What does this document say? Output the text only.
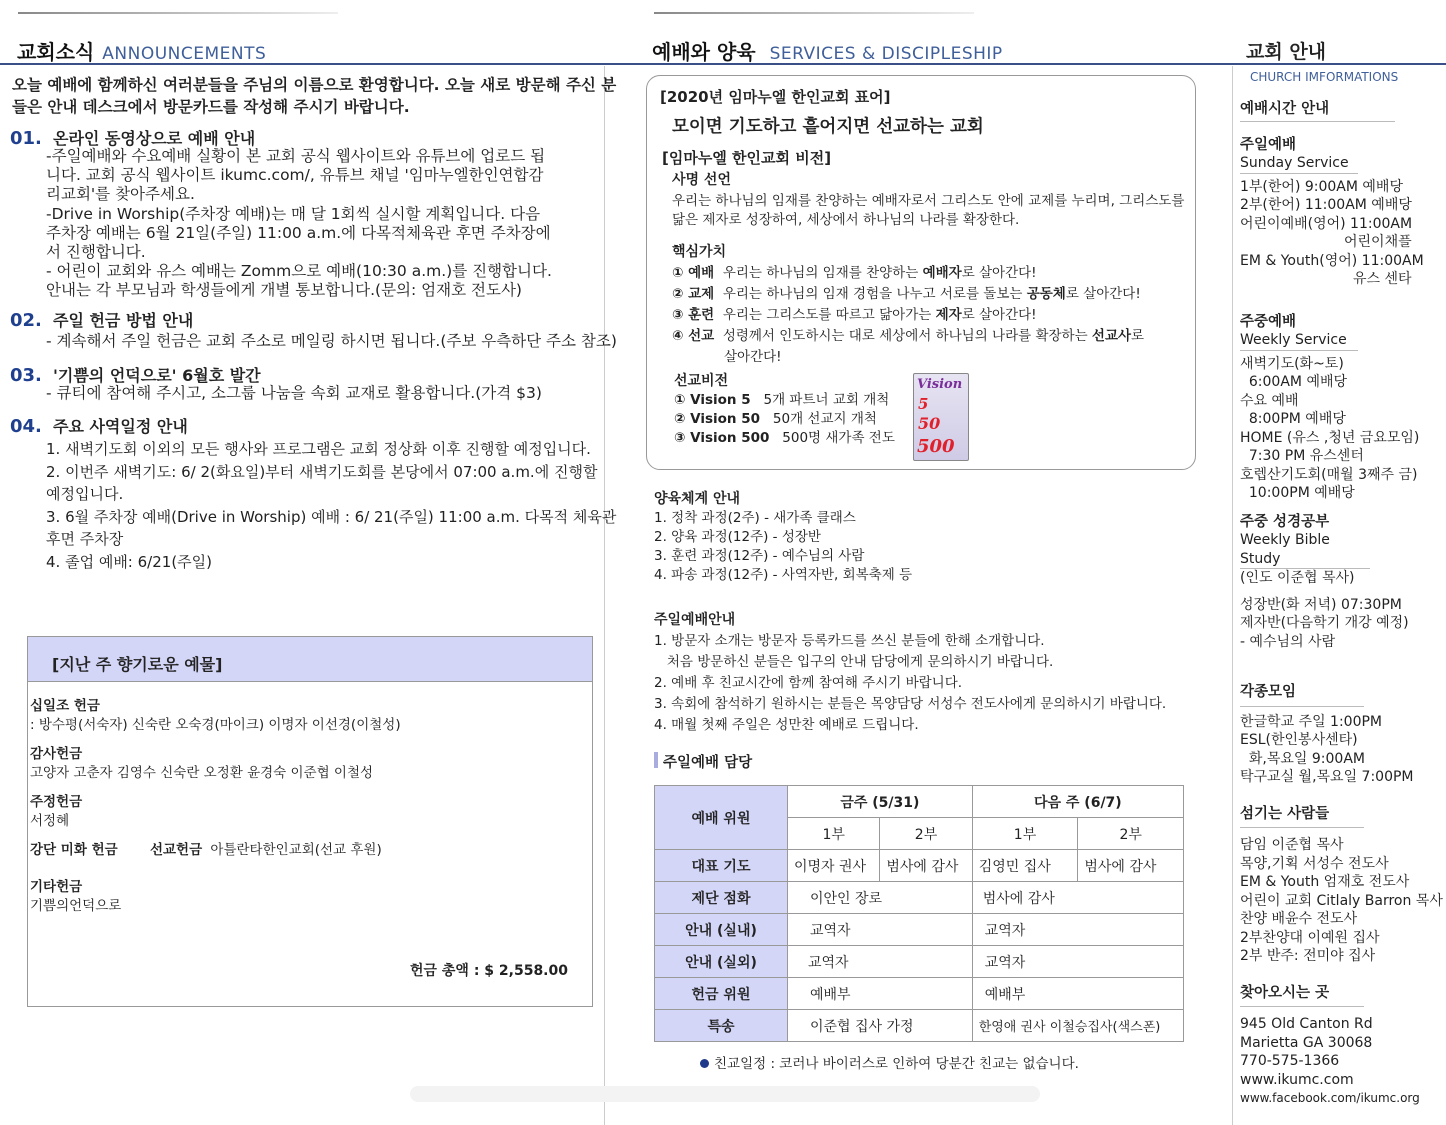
교회소식 ANNOUNCEMENTS
오늘 예배에 함께하신 여러분들을 주님의 이름으로 환영합니다. 오늘 새로 방문해 주신 분
들은 안내 데스크에서 방문카드를 작성해 주시기 바랍니다.
01. 온라인 동영상으로 예배 안내
-주일예배와 수요예배 실황이 본 교회 공식 웹사이트와 유튜브에 업로드 됩
니다. 교회 공식 웹사이트 ikumc.com/, 유튜브 채널 '임마누엘한인연합감
리교회'를 찾아주세요.
-Drive in Worship(주차장 예배)는 매 달 1회씩 실시할 계획입니다. 다음
주차장 예배는 6월 21일(주일) 11:00 a.m.에 다목적체육관 후면 주차장에
서 진행합니다.
- 어린이 교회와 유스 예배는 Zomm으로 예배(10:30 a.m.)를 진행합니다.
안내는 각 부모님과 학생들에게 개별 통보합니다.(문의: 엄재호 전도사)
02. 주일 헌금 방법 안내
- 계속해서 주일 헌금은 교회 주소로 메일링 하시면 됩니다.(주보 우측하단 주소 참조)
03. '기쁨의 언덕으로' 6월호 발간
- 큐티에 참여해 주시고, 소그룹 나눔을 속회 교재로 활용합니다.(가격 $3)
04. 주요 사역일정 안내
1. 새벽기도회 이외의 모든 행사와 프로그램은 교회 정상화 이후 진행할 예정입니다.
2. 이번주 새벽기도: 6/ 2(화요일)부터 새벽기도회를 본당에서 07:00 a.m.에 진행할
예정입니다.
3. 6월 주차장 예배(Drive in Worship) 예배 : 6/ 21(주일) 11:00 a.m. 다목적 체육관
후면 주차장
4. 졸업 예배: 6/21(주일)
[지난 주 향기로운 예물]
십일조 헌금
: 방수평(서숙자) 신숙란 오숙경(마이크) 이명자 이선경(이철성)
감사헌금
고양자 고춘자 김영수 신숙란 오정환 윤경숙 이준협 이철성
주정헌금
서정혜
강단 미화 헌금 선교헌금 아틀란타한인교회(선교 후원)
기타헌금
기쁨의언덕으로
헌금 총액 : $ 2,558.00
예배와 양육 SERVICES & DISCIPLESHIP
[2020년 임마누엘 한인교회 표어]
모이면 기도하고 흩어지면 선교하는 교회
[임마누엘 한인교회 비전]
사명 선언
우리는 하나님의 임재를 찬양하는 예배자로서 그리스도 안에 교제를 누리며, 그리스도를
닮은 제자로 성장하여, 세상에서 하나님의 나라를 확장한다.
핵심가치
① 예배 우리는 하나님의 임재를 찬양하는 예배자로 살아간다!
② 교제 우리는 하나님의 임재 경험을 나누고 서로를 돌보는 공동체로 살아간다!
③ 훈련 우리는 그리스도를 따르고 닮아가는 제자로 살아간다!
④ 선교 성령께서 인도하시는 대로 세상에서 하나님의 나라를 확장하는 선교사로
살아간다!
선교비전
① Vision 5 5개 파트너 교회 개척
② Vision 50 50개 선교지 개척
③ Vision 500 500명 새가족 전도
Vision
5
50
500
양육체계 안내
1. 정착 과정(2주) - 새가족 클래스
2. 양육 과정(12주) - 성장반
3. 훈련 과정(12주) - 예수님의 사람
4. 파송 과정(12주) - 사역자반, 회복축제 등
주일예배안내
1. 방문자 소개는 방문자 등록카드를 쓰신 분들에 한해 소개합니다.
처음 방문하신 분들은 입구의 안내 담당에게 문의하시기 바랍니다.
2. 예배 후 친교시간에 함께 참여해 주시기 바랍니다.
3. 속회에 참석하기 원하시는 분들은 목양담당 서성수 전도사에게 문의하시기 바랍니다.
4. 매월 첫째 주일은 성만찬 예배로 드립니다.
주일예배 담당
예배 위원	금주 (5/31)		다음 주 (6/7)	
	1부	2부	1부	2부
대표 기도	이명자 권사	범사에 감사	김영민 집사	범사에 감사
제단 점화	이안인 장로		범사에 감사	
안내 (실내)	교역자		교역자	
안내 (실외)	교역자		교역자	
헌금 위원	예배부		예배부	
특송	이준협 집사 가정		한영애 권사 이철승집사(색스폰)	
친교일정 : 코러나 바이러스로 인하여 당분간 친교는 없습니다.
교회 안내
CHURCH IMFORMATIONS
예배시간 안내
주일예배
Sunday Service
1부(한어) 9:00AM 예배당
2부(한어) 11:00AM 예배당
어린이예배(영어) 11:00AM
어린이채플
EM & Youth(영어) 11:00AM
유스 센타
주중예배
Weekly Service
새벽기도(화~토)
6:00AM 예배당
수요 예배
8:00PM 예배당
HOME (유스 ,청년 금요모임)
7:30 PM 유스센터
호렙산기도회(매월 3째주 금)
10:00PM 예배당
주중 성경공부
Weekly Bible Study
(인도 이준협 목사)
성장반(화 저녁) 07:30PM
제자반(다음학기 개강 예정)
- 예수님의 사람
각종모임
한글학교 주일 1:00PM
ESL(한인봉사센타)
화,목요일 9:00AM
탁구교실 월,목요일 7:00PM
섬기는 사람들
담임 이준협 목사
목양,기획 서성수 전도사
EM & Youth 엄재호 전도사
어린이 교회 Citlaly Barron 목사
찬양 배윤수 전도사
2부찬양대 이예원 집사
2부 반주: 전미야 집사
찾아오시는 곳
945 Old Canton Rd
Marietta GA 30068
770-575-1366
www.ikumc.com
www.facebook.com/ikumc.org
